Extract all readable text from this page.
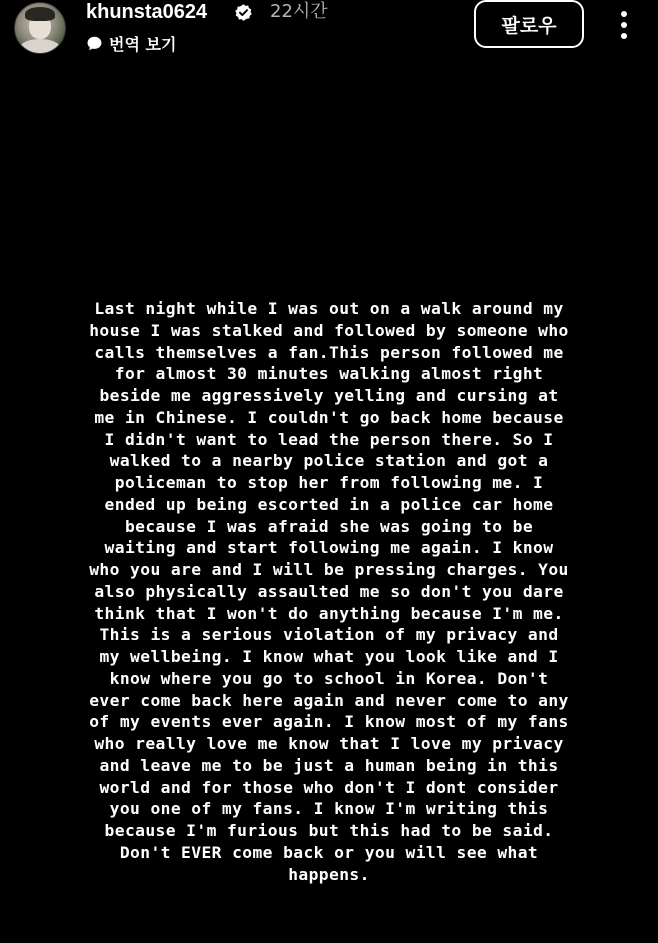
khunsta0624	22시간
번역 보기
팔로우

Last night while I was out on a walk around my
house I was stalked and followed by someone who
calls themselves a fan.This person followed me
for almost 30 minutes walking almost right
beside me aggressively yelling and cursing at
me in Chinese. I couldn't go back home because
I didn't want to lead the person there. So I
walked to a nearby police station and got a
policeman to stop her from following me. I
ended up being escorted in a police car home
because I was afraid she was going to be
waiting and start following me again. I know
who you are and I will be pressing charges. You
also physically assaulted me so don't you dare
think that I won't do anything because I'm me.
This is a serious violation of my privacy and
my wellbeing. I know what you look like and I
know where you go to school in Korea. Don't
ever come back here again and never come to any
of my events ever again. I know most of my fans
who really love me know that I love my privacy
and leave me to be just a human being in this
world and for those who don't I dont consider
you one of my fans. I know I'm writing this
because I'm furious but this had to be said.
Don't EVER come back or you will see what
happens.
